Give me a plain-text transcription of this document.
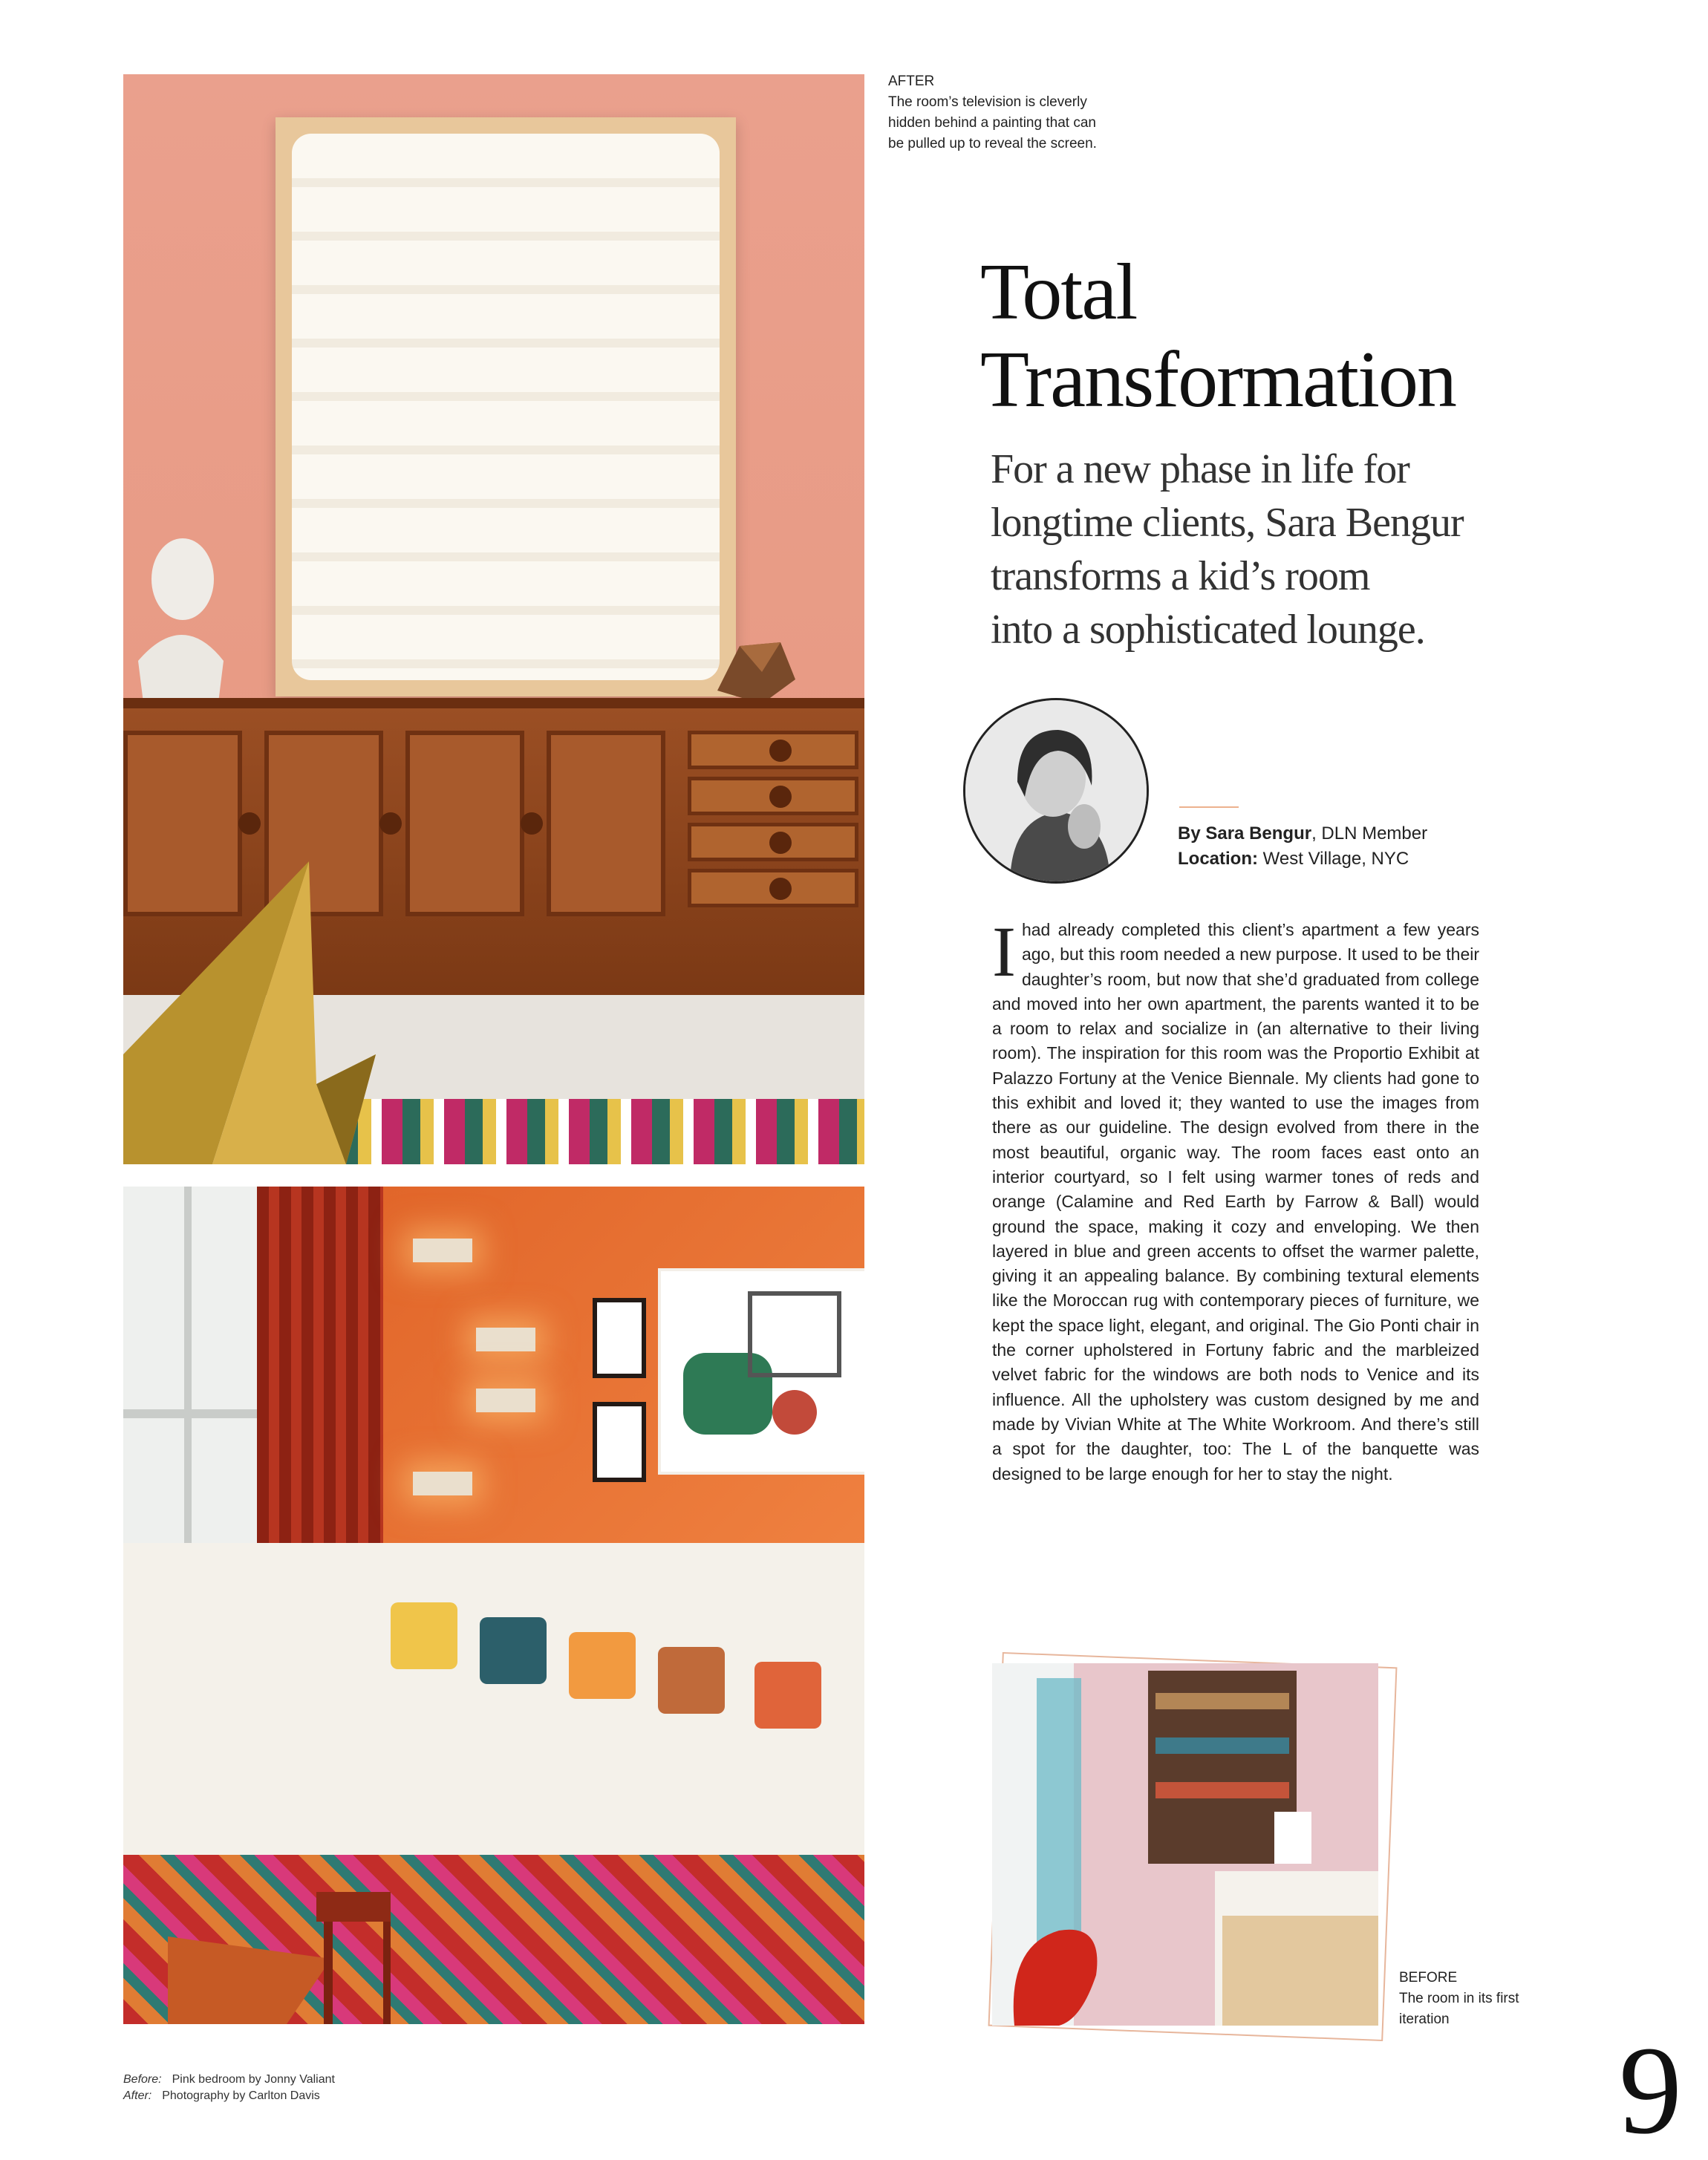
AFTER
The room’s television is cleverly hidden behind a painting that can be pulled up to reveal the screen.
Total
Transformation
For a new phase in life for
longtime clients, Sara Bengur
transforms a kid’s room
into a sophisticated lounge.
By Sara Bengur, DLN Member
Location: West Village, NYC

Ihad already completed this client’s apartment a few years ago, but this room needed a new purpose. It used to be their daughter’s room, but now that she’d graduated from college and moved into her own apartment, the parents wanted it to be a room to relax and socialize in (an alternative to their living room). The inspiration for this room was the Proportio Exhibit at Palazzo Fortuny at the Venice Biennale. My clients had gone to this exhibit and loved it; they wanted to use the images from there as our guideline. The design evolved from there in the most beautiful, organic way. The room faces east onto an interior courtyard, so I felt using warmer tones of reds and orange (Calamine and Red Earth by Farrow & Ball) would ground the space, making it cozy and enveloping. We then layered in blue and green accents to offset the warmer palette, giving it an appealing balance. By combining textural elements like the Moroccan rug with contemporary pieces of furniture, we kept the space light, elegant, and original. The Gio Ponti chair in the corner upholstered in Fortuny fabric and the marbleized velvet fabric for the windows are both nods to Venice and its influence. All the upholstery was custom designed by me and made by Vivian White at The White Workroom. And there’s still a spot for the daughter, too: The L of the banquette was designed to be large enough for her to stay the night.

BEFORE
The room in its first iteration
Before: Pink bedroom by Jonny Valiant
After: Photography by Carlton Davis	9
